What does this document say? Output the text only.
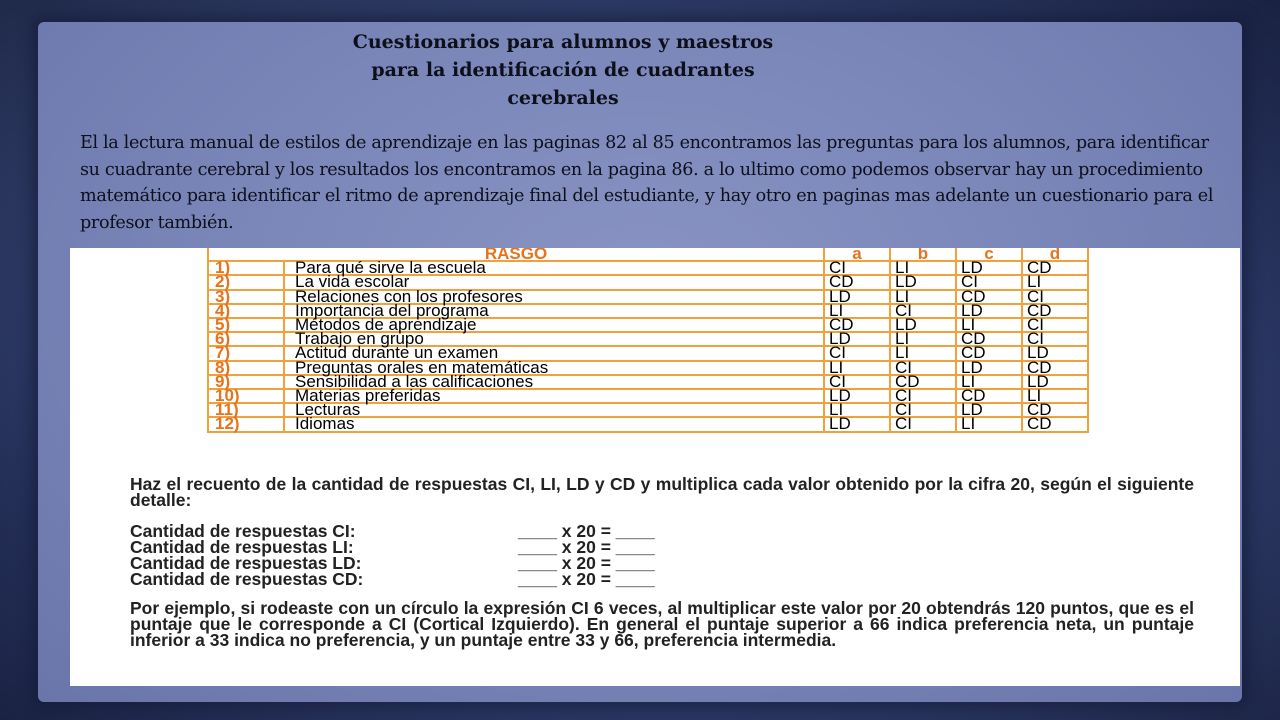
Cuestionarios para alumnos y maestros para la identificación de cuadrantes cerebrales
El la lectura manual de estilos de aprendizaje en las paginas 82 al 85 encontramos las preguntas para los alumnos, para identificar su cuadrante cerebral y los resultados los encontramos en la pagina 86. a lo ultimo como podemos observar hay un procedimiento matemático para identificar el ritmo de aprendizaje final del estudiante, y hay otro en paginas mas adelante un cuestionario para el profesor también.
RASGO		a	b	c	d
1)	Para qué sirve la escuela	CI	LI	LD	CD
2)	La vida escolar	CD	LD	CI	LI
3)	Relaciones con los profesores	LD	LI	CD	CI
4)	Importancia del programa	LI	CI	LD	CD
5)	Métodos de aprendizaje	CD	LD	LI	CI
6)	Trabajo en grupo	LD	LI	CD	CI
7)	Actitud durante un examen	CI	LI	CD	LD
8)	Preguntas orales en matemáticas	LI	CI	LD	CD
9)	Sensibilidad a las calificaciones	CI	CD	LI	LD
10)	Materias preferidas	LD	CI	CD	LI
11)	Lecturas	LI	CI	LD	CD
12)	Idiomas	LD	CI	LI	CD
Haz el recuento de la cantidad de respuestas CI, LI, LD y CD y multiplica cada valor obtenido por la cifra 20, según el siguiente detalle:
Cantidad de respuestas CI:	____ x 20 = ____
Cantidad de respuestas LI:	____ x 20 = ____
Cantidad de respuestas LD:	____ x 20 = ____
Cantidad de respuestas CD:	____ x 20 = ____
Por ejemplo, si rodeaste con un círculo la expresión CI 6 veces, al multiplicar este valor por 20 obtendrás 120 puntos, que es el puntaje que le corresponde a CI (Cortical Izquierdo). En general el puntaje superior a 66 indica preferencia neta, un puntaje inferior a 33 indica no preferencia, y un puntaje entre 33 y 66, preferencia intermedia.
